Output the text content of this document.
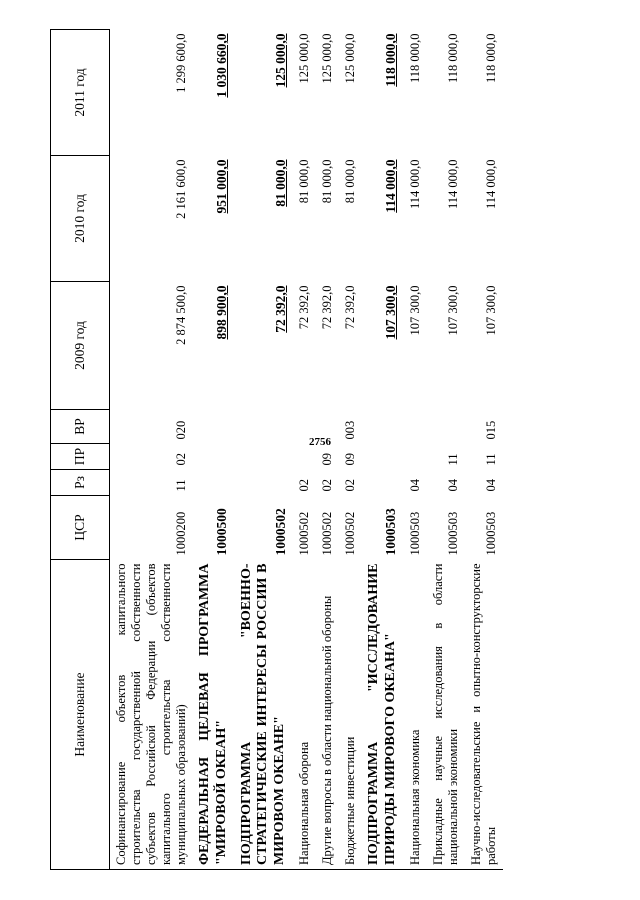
2756
Наименование	ЦСР	Рз	ПР	ВР	2009 год	2010 год	2011 год
Софинансирование объектов капитального строительства государственной собственности субъектов Российской Федерации (объектов капитального строительства собственности муниципальных образований)	1000200	11	02	020	2 874 500,0	2 161 600,0	1 299 600,0
ФЕДЕРАЛЬНАЯ ЦЕЛЕВАЯ ПРОГРАММА "МИРОВОЙ ОКЕАН"	1000500				898 900,0	951 000,0	1 030 660,0
ПОДПРОГРАММА "ВОЕННО-СТРАТЕГИЧЕСКИЕ ИНТЕРЕСЫ РОССИИ В МИРОВОМ ОКЕАНЕ"	1000502				72 392,0	81 000,0	125 000,0
Национальная оборона	1000502	02			72 392,0	81 000,0	125 000,0
Другие вопросы в области национальной обороны	1000502	02	09		72 392,0	81 000,0	125 000,0
Бюджетные инвестиции	1000502	02	09	003	72 392,0	81 000,0	125 000,0
ПОДПРОГРАММА "ИССЛЕДОВАНИЕ ПРИРОДЫ МИРОВОГО ОКЕАНА"	1000503				107 300,0	114 000,0	118 000,0
Национальная экономика	1000503	04			107 300,0	114 000,0	118 000,0
Прикладные научные исследования в области национальной экономики	1000503	04	11		107 300,0	114 000,0	118 000,0
Научно-исследовательские и опытно-конструкторские работы	1000503	04	11	015	107 300,0	114 000,0	118 000,0
